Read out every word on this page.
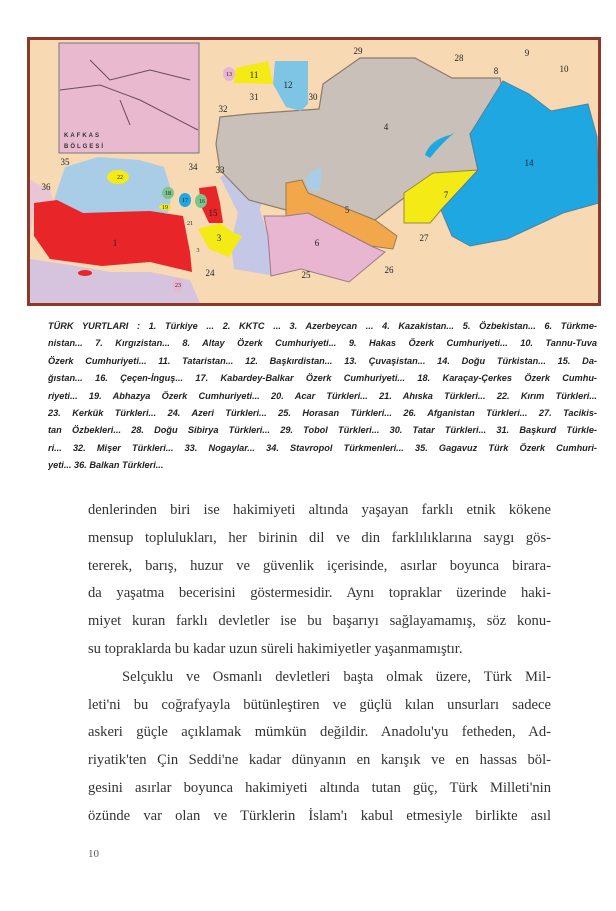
KAFKAS
BÖLGESİ
1	3
3
4
5
6
7
8
9
10
11
12
13
14
15
16
17
18
19
21
22
23
24	25	26
27
28
29
30
31
32
33
34
35
36
TÜRK YURTLARI : 1. Türkiye ... 2. KKTC ... 3. Azerbeycan ... 4. Kazakistan... 5. Özbekistan... 6. Türkme-
nistan... 7. Kırgızistan... 8. Altay Özerk Cumhuriyeti... 9. Hakas Özerk Cumhuriyeti... 10. Tannu-Tuva
Özerk Cumhuriyeti... 11. Tataristan... 12. Başkırdistan... 13. Çuvaşistan... 14. Doğu Türkistan... 15. Da-
ğıstan... 16. Çeçen-İnguş... 17. Kabardey-Balkar Özerk Cumhuriyeti... 18. Karaçay-Çerkes Özerk Cumhu-
riyeti... 19. Abhazya Özerk Cumhuriyeti... 20. Acar Türkleri... 21. Ahıska Türkleri... 22. Kırım Türkleri...
23. Kerkük Türkleri... 24. Azeri Türkleri... 25. Horasan Türkleri... 26. Afganistan Türkleri... 27. Tacikis-
tan Özbekleri... 28. Doğu Sibirya Türkleri... 29. Tobol Türkleri... 30. Tatar Türkleri... 31. Başkurd Türkle-
ri... 32. Mişer Türkleri... 33. Nogaylar... 34. Stavropol Türkmenleri... 35. Gagavuz Türk Özerk Cumhuri-
yeti... 36. Balkan Türkleri...
denlerinden biri ise hakimiyeti altında yaşayan farklı etnik kökene
mensup toplulukları, her birinin dil ve din farklılıklarına saygı gös-
tererek, barış, huzur ve güvenlik içerisinde, asırlar boyunca birara-
da yaşatma becerisini göstermesidir. Aynı topraklar üzerinde haki-
miyet kuran farklı devletler ise bu başarıyı sağlayamamış, söz konu-
su topraklarda bu kadar uzun süreli hakimiyetler yaşanmamıştır.
Selçuklu ve Osmanlı devletleri başta olmak üzere, Türk Mil-
leti'ni bu coğrafyayla bütünleştiren ve güçlü kılan unsurları sadece
askeri güçle açıklamak mümkün değildir. Anadolu'yu fetheden, Ad-
riyatik'ten Çin Seddi'ne kadar dünyanın en karışık ve en hassas böl-
gesini asırlar boyunca hakimiyeti altında tutan güç, Türk Milleti'nin
özünde var olan ve Türklerin İslam'ı kabul etmesiyle birlikte asıl
10
